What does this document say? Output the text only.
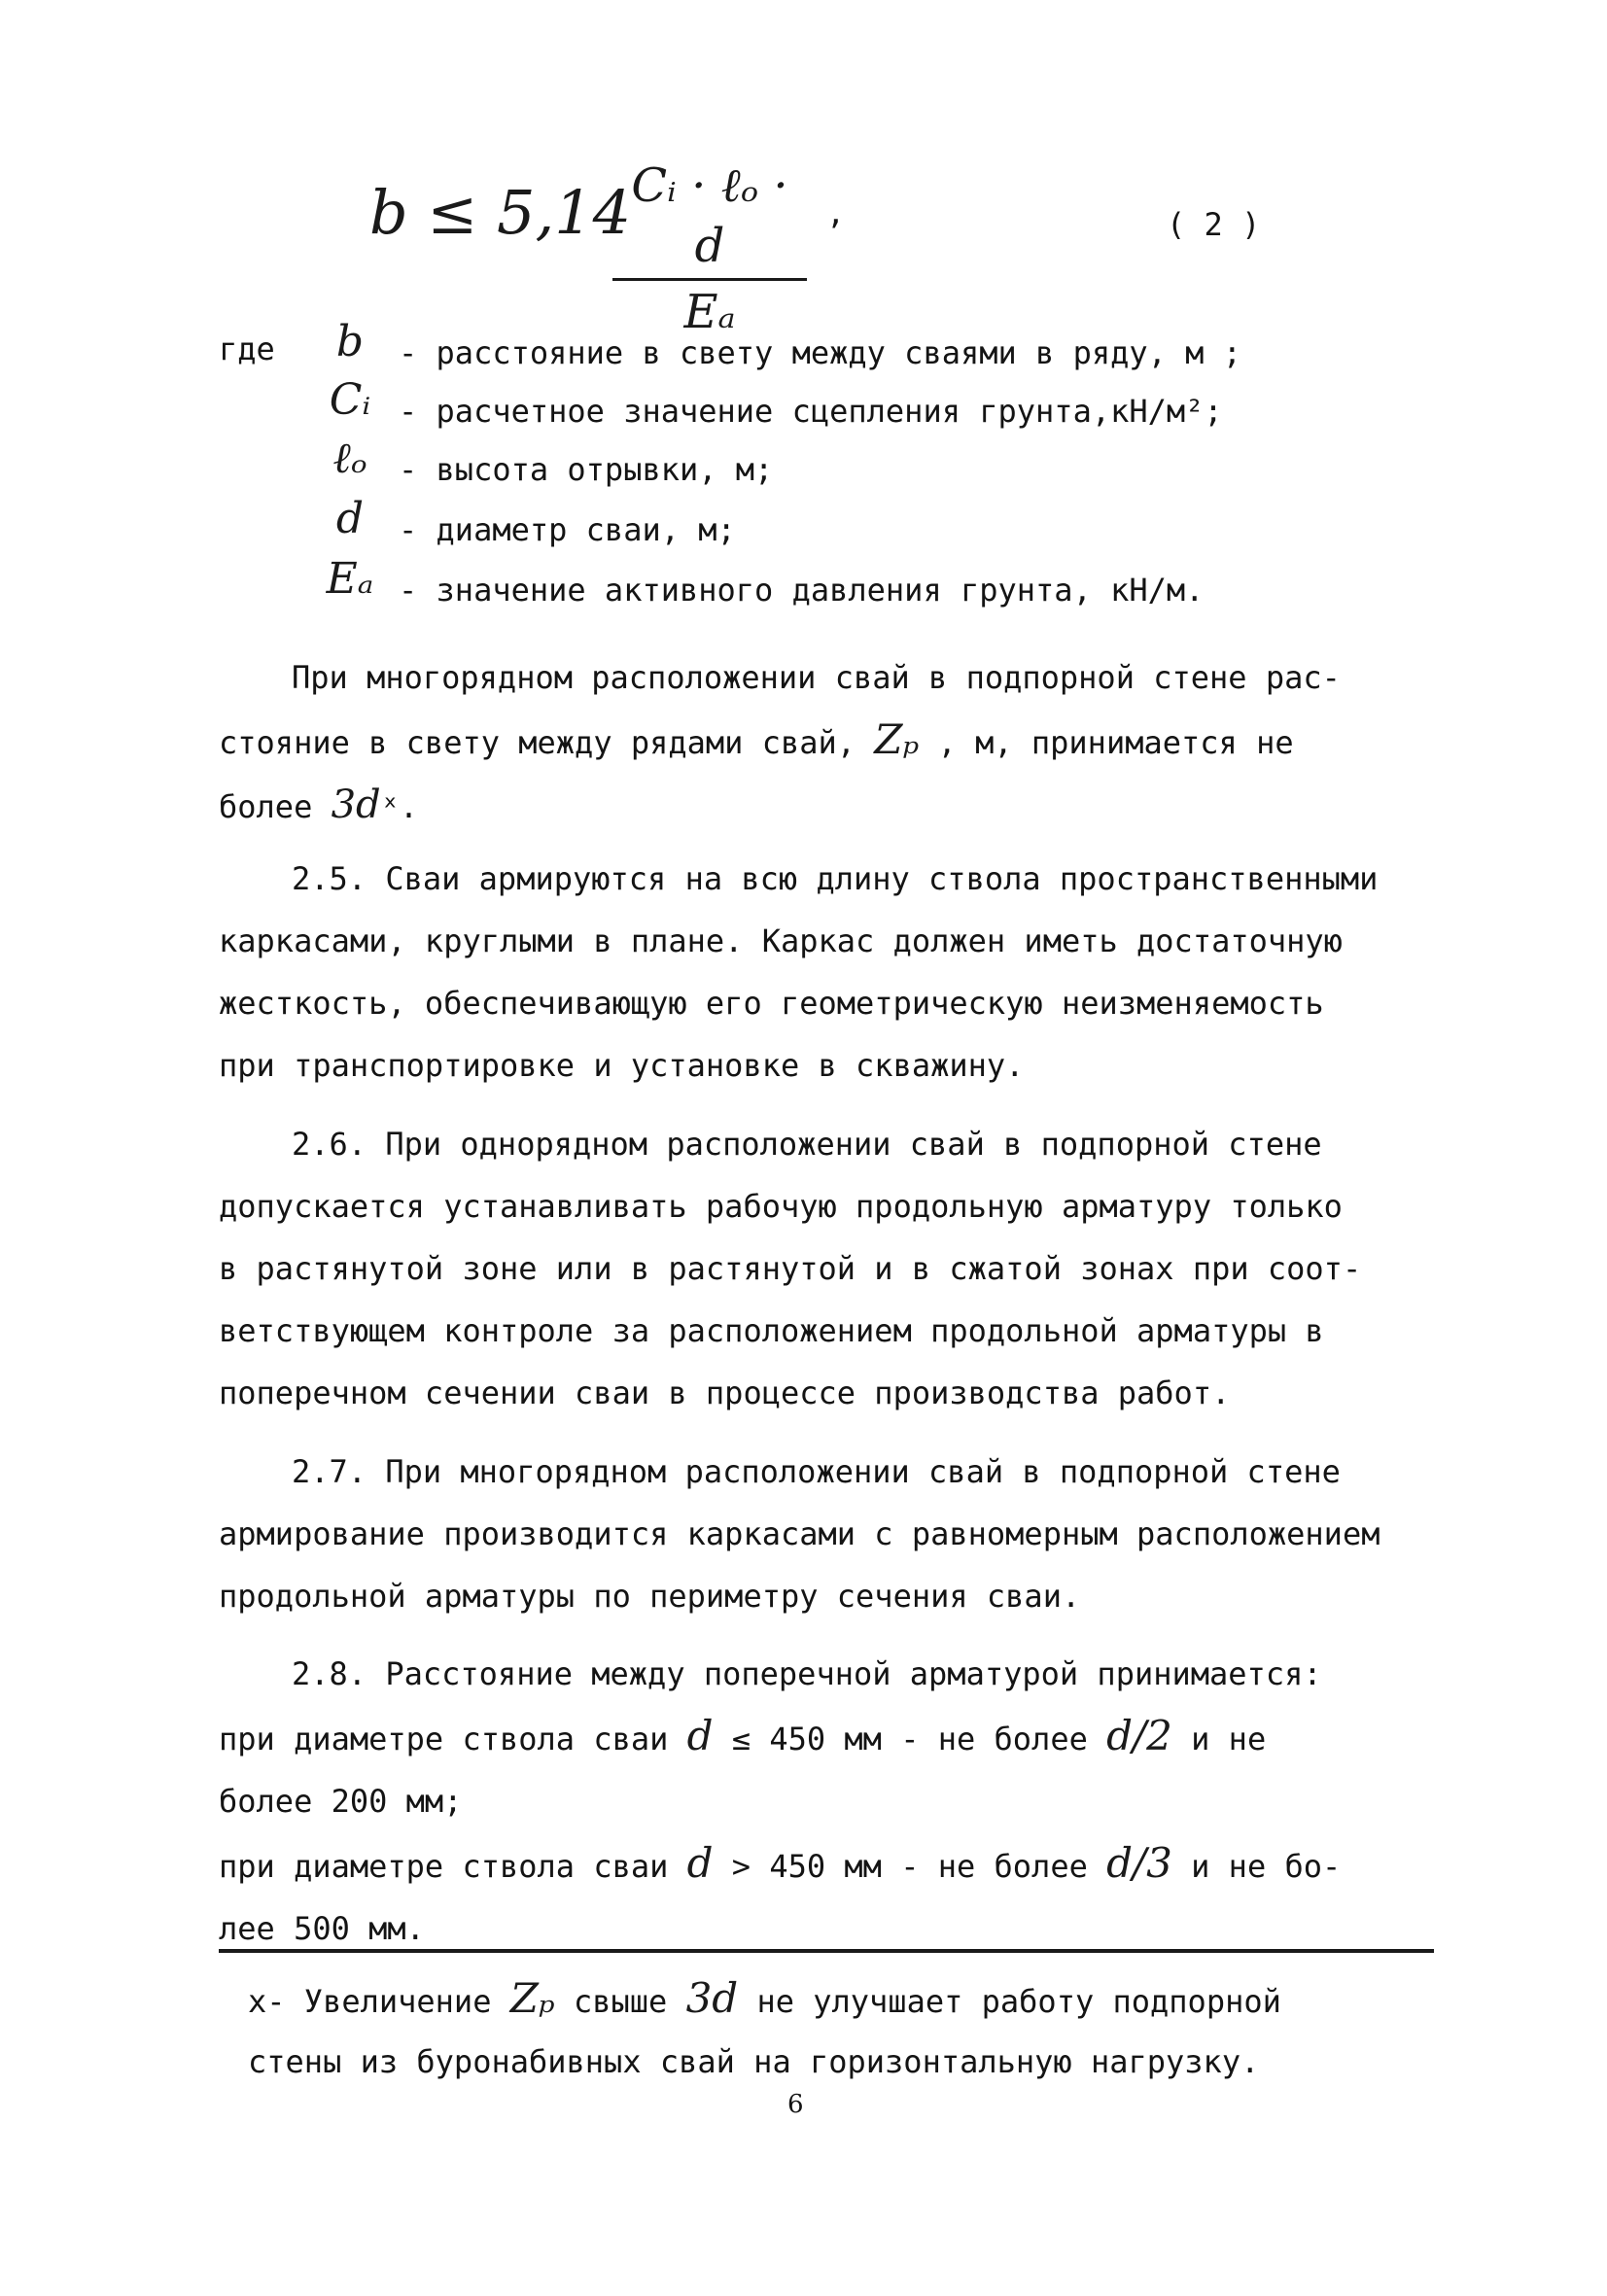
b ≤ 5,14 Cᵢ · ℓₒ · d
Eₐ
,	( 2 )
где	b	- расстояние в свету между сваями в ряду, м ;
Cᵢ - расчетное значение сцепления грунта,кН/м²;
ℓₒ	- высота отрывки, м;
d	- диаметр сваи, м;
Eₐ - значение активного давления грунта, кН/м.
При многорядном расположении свай в подпорной стене рас-
стояние в свету между рядами свай, Zₚ , м, принимается не
более 3dˣ.
2.5. Сваи армируются на всю длину ствола пространственными
каркасами, круглыми в плане. Каркас должен иметь достаточную
жесткость, обеспечивающую его геометрическую неизменяемость
при транспортировке и установке в скважину.
2.6. При однорядном расположении свай в подпорной стене
допускается устанавливать рабочую продольную арматуру только
в растянутой зоне или в растянутой и в сжатой зонах при соот-
ветствующем контроле за расположением продольной арматуры в
поперечном сечении сваи в процессе производства работ.
2.7. При многорядном расположении свай в подпорной стене
армирование производится каркасами с равномерным расположением
продольной арматуры по периметру сечения сваи.
2.8. Расстояние между поперечной арматурой принимается:
при диаметре ствола сваи d ≤ 450 мм - не более d/2 и не
более 200 мм;
при диаметре ствола сваи d > 450 мм - не более d/3 и не бо-
лее 500 мм.
x- Увеличение Zₚ свыше 3d не улучшает работу подпорной
стены из буронабивных свай на горизонтальную нагрузку.
6
